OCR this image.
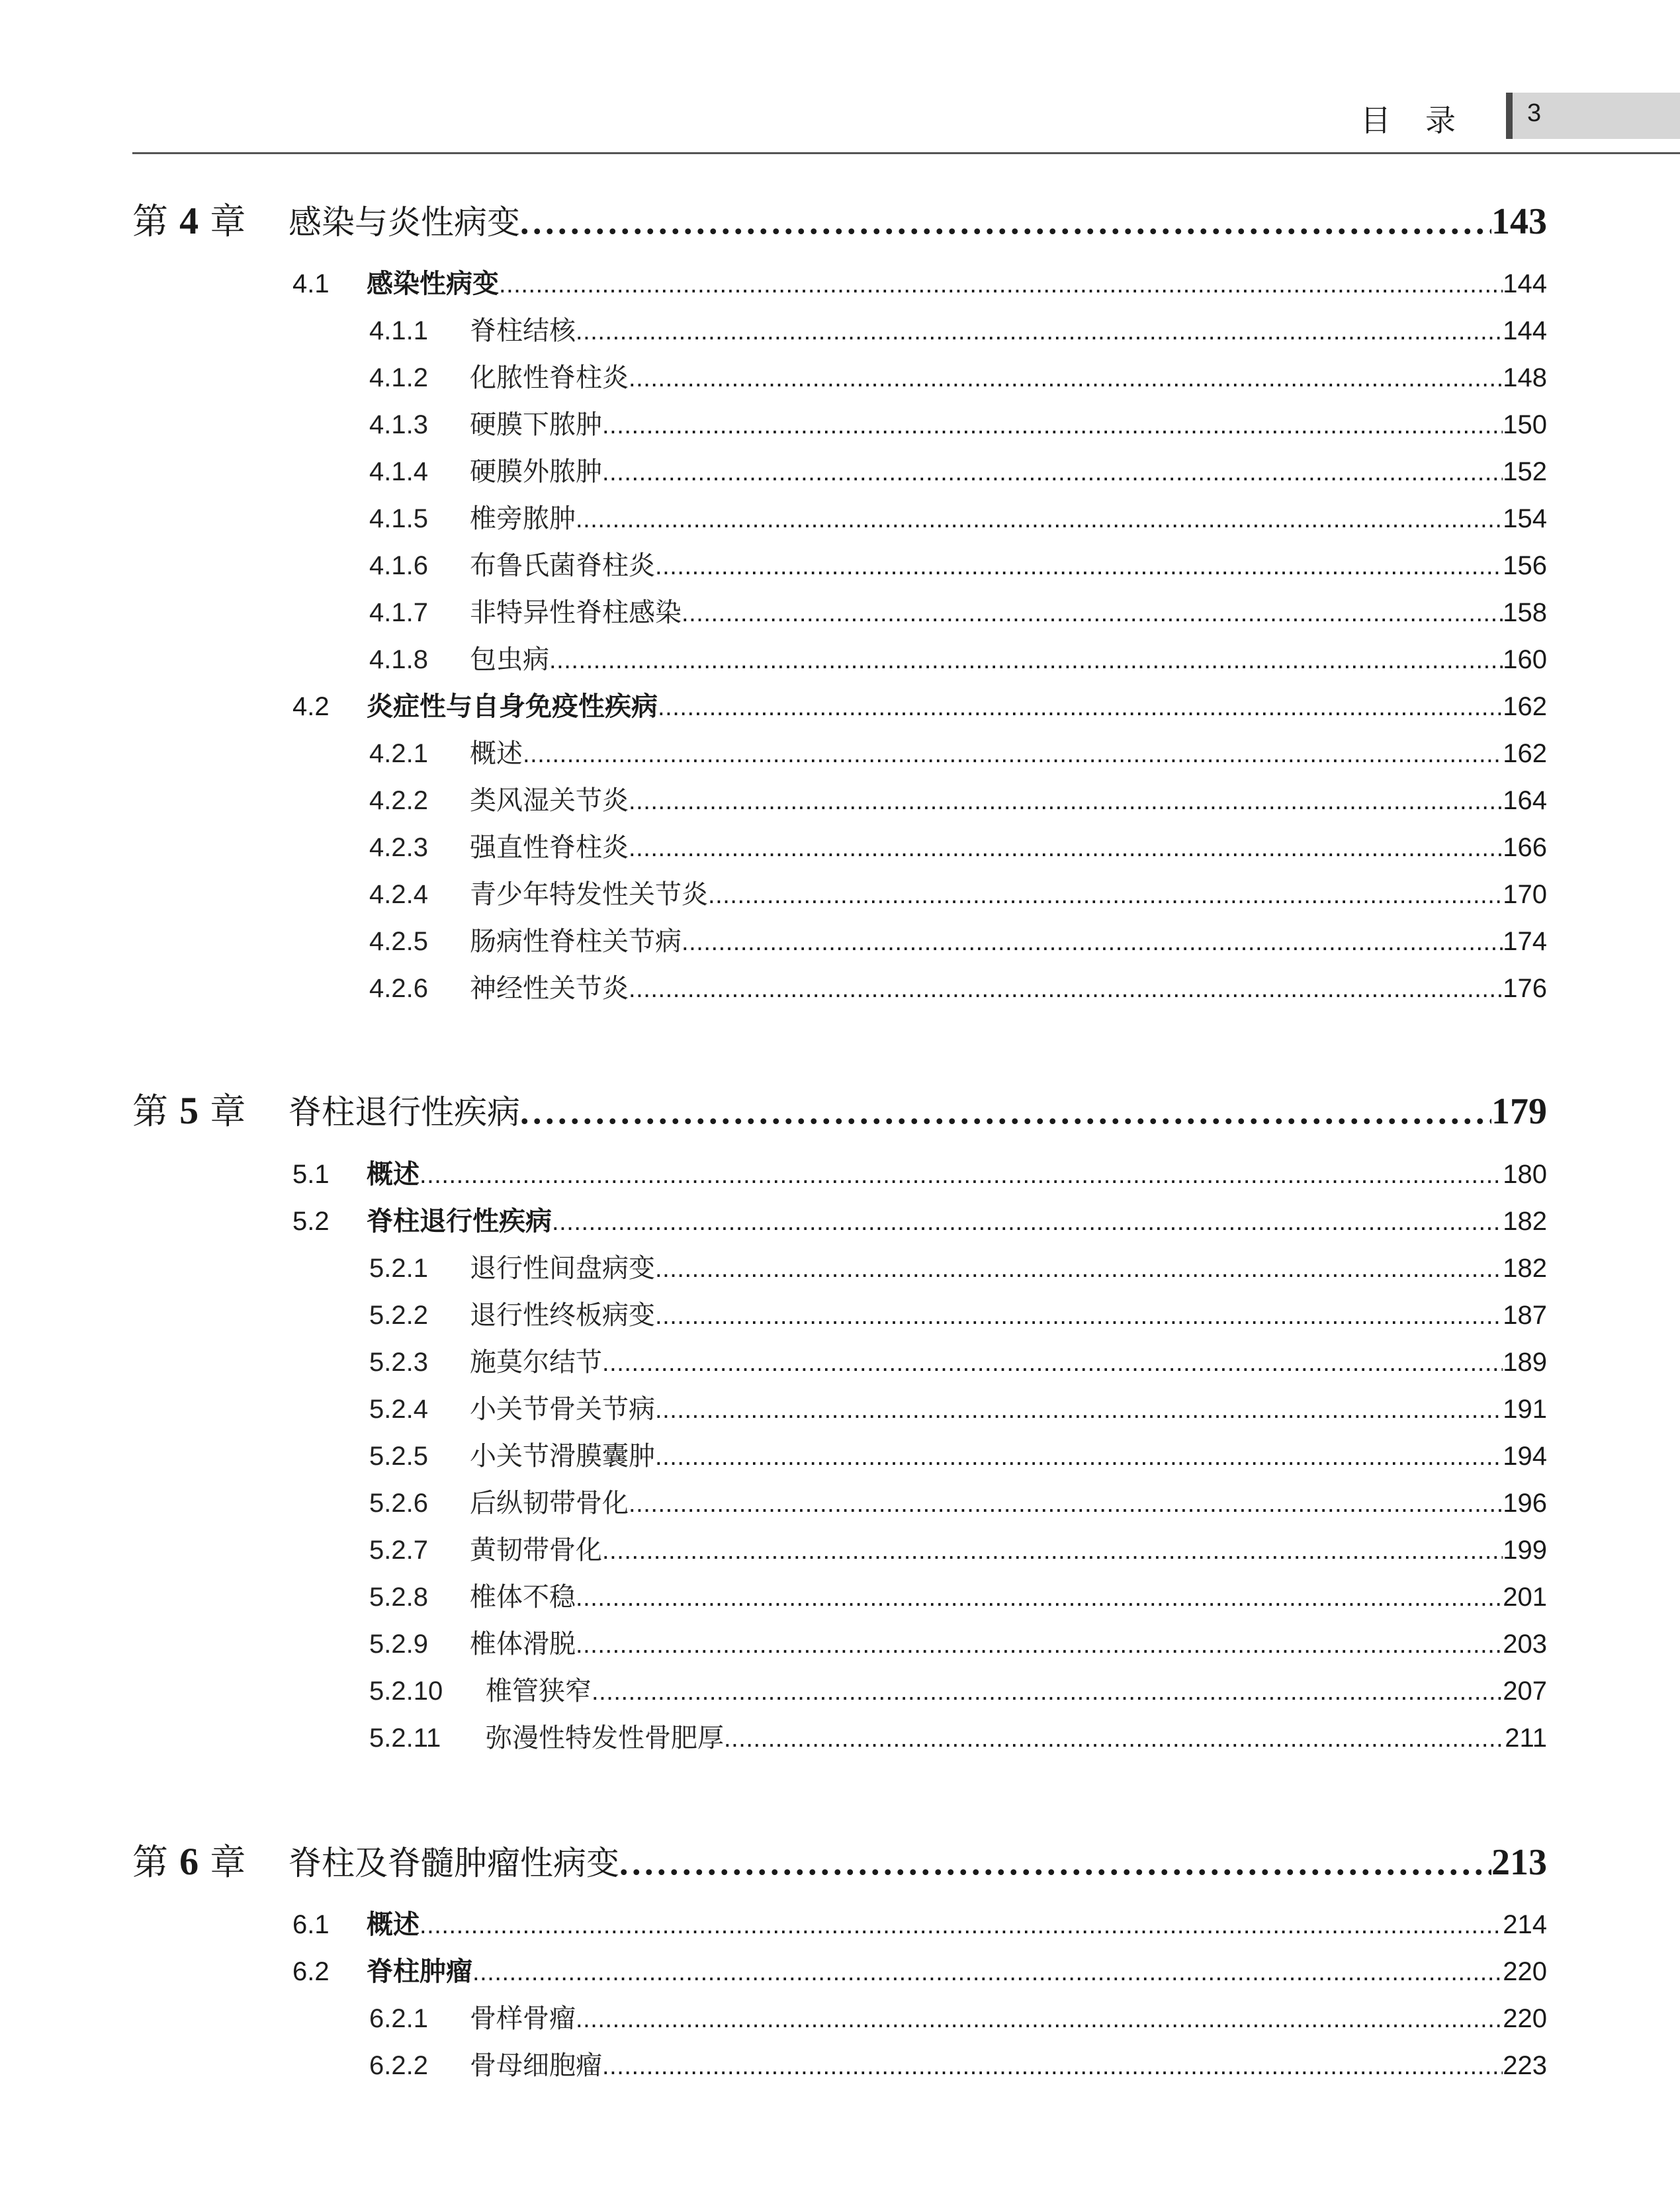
目录 3
第 4 章	感染与炎性病变 . . .	143
4.1	感染性病变 . . .	144
4.1.1	脊柱结核 . . .	144
4.1.2	化脓性脊柱炎 . . .	148
4.1.3	硬膜下脓肿 . . .	150
4.1.4	硬膜外脓肿 . . .	152
4.1.5	椎旁脓肿 . . .	154
4.1.6	布鲁氏菌脊柱炎 . . .	156
4.1.7	非特异性脊柱感染 . . .	158
4.1.8	包虫病 . . .	160
4.2	炎症性与自身免疫性疾病 . . .	162
4.2.1	概述 . . .	162
4.2.2	类风湿关节炎 . . .	164
4.2.3	强直性脊柱炎 . . .	166
4.2.4	青少年特发性关节炎 . . .	170
4.2.5	肠病性脊柱关节病 . . .	174
4.2.6	神经性关节炎 . . .	176
第 5 章	脊柱退行性疾病 . . .	179
5.1	概述 . . .	180
5.2	脊柱退行性疾病 . . .	182
5.2.1	退行性间盘病变 . . .	182
5.2.2	退行性终板病变 . . .	187
5.2.3	施莫尔结节 . . .	189
5.2.4	小关节骨关节病 . . .	191
5.2.5	小关节滑膜囊肿 . . .	194
5.2.6	后纵韧带骨化 . . .	196
5.2.7	黄韧带骨化 . . .	199
5.2.8	椎体不稳 . . .	201
5.2.9	椎体滑脱 . . .	203
5.2.10	椎管狭窄 . . .	207
5.2.11	弥漫性特发性骨肥厚 . . .	211
第 6 章	脊柱及脊髓肿瘤性病变 . . .	213
6.1	概述 . . .	214
6.2	脊柱肿瘤 . . .	220
6.2.1	骨样骨瘤 . . .	220
6.2.2	骨母细胞瘤 . . .	223
